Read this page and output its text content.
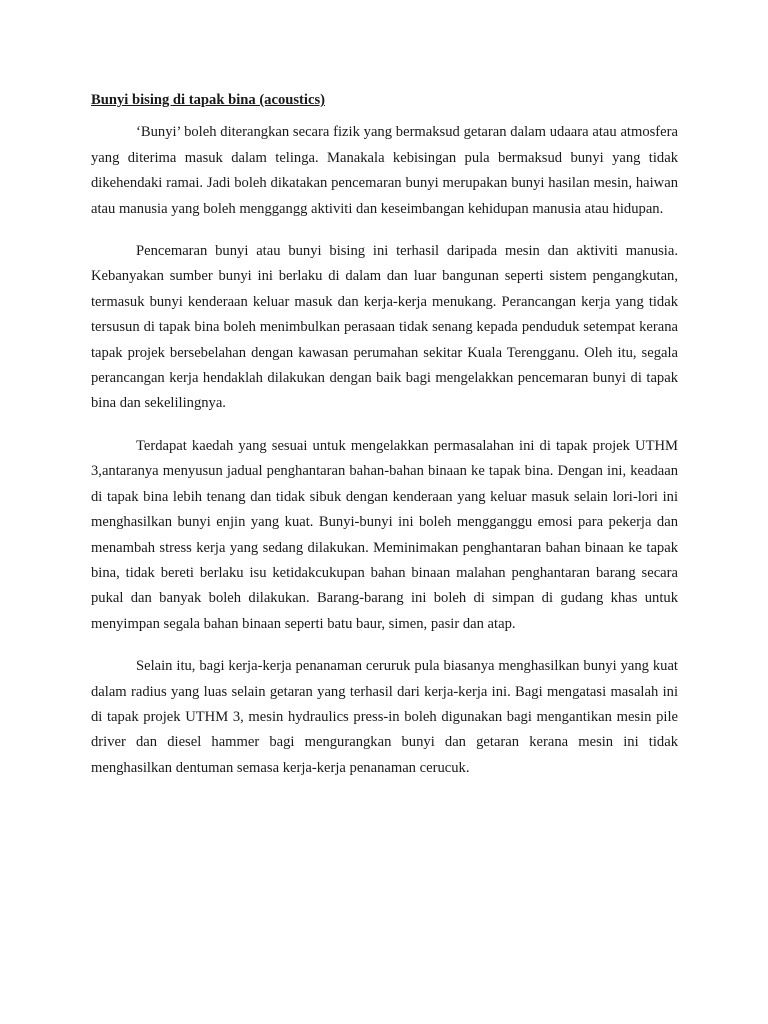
Bunyi bising di tapak bina (acoustics)

‘Bunyi’ boleh diterangkan secara fizik yang bermaksud getaran dalam udaara atau atmosfera yang diterima masuk dalam telinga. Manakala kebisingan pula bermaksud bunyi yang tidak dikehendaki ramai. Jadi boleh dikatakan pencemaran bunyi merupakan bunyi hasilan mesin, haiwan atau manusia yang boleh menggangg aktiviti dan keseimbangan kehidupan manusia atau hidupan.

Pencemaran bunyi atau bunyi bising ini terhasil daripada mesin dan aktiviti manusia. Kebanyakan sumber bunyi ini berlaku di dalam dan luar bangunan seperti sistem pengangkutan, termasuk bunyi kenderaan keluar masuk dan kerja-kerja menukang. Perancangan kerja yang tidak tersusun di tapak bina boleh menimbulkan perasaan tidak senang kepada penduduk setempat kerana tapak projek bersebelahan dengan kawasan perumahan sekitar Kuala Terengganu. Oleh itu, segala perancangan kerja hendaklah dilakukan dengan baik bagi mengelakkan pencemaran bunyi di tapak bina dan sekelilingnya.

Terdapat kaedah yang sesuai untuk mengelakkan permasalahan ini di tapak projek UTHM 3,antaranya menyusun jadual penghantaran bahan-bahan binaan ke tapak bina. Dengan ini, keadaan di tapak bina lebih tenang dan tidak sibuk dengan kenderaan yang keluar masuk selain lori-lori ini menghasilkan bunyi enjin yang kuat. Bunyi-bunyi ini boleh mengganggu emosi para pekerja dan menambah stress kerja yang sedang dilakukan. Meminimakan penghantaran bahan binaan ke tapak bina, tidak bereti berlaku isu ketidakcukupan bahan binaan malahan penghantaran barang secara pukal dan banyak boleh dilakukan. Barang-barang ini boleh di simpan di gudang khas untuk menyimpan segala bahan binaan seperti batu baur, simen, pasir dan atap.

Selain itu, bagi kerja-kerja penanaman ceruruk pula biasanya menghasilkan bunyi yang kuat dalam radius yang luas selain getaran yang terhasil dari kerja-kerja ini. Bagi mengatasi masalah ini di tapak projek UTHM 3, mesin hydraulics press-in boleh digunakan bagi mengantikan mesin pile driver dan diesel hammer bagi mengurangkan bunyi dan getaran kerana mesin ini tidak menghasilkan dentuman semasa kerja-kerja penanaman cerucuk.
